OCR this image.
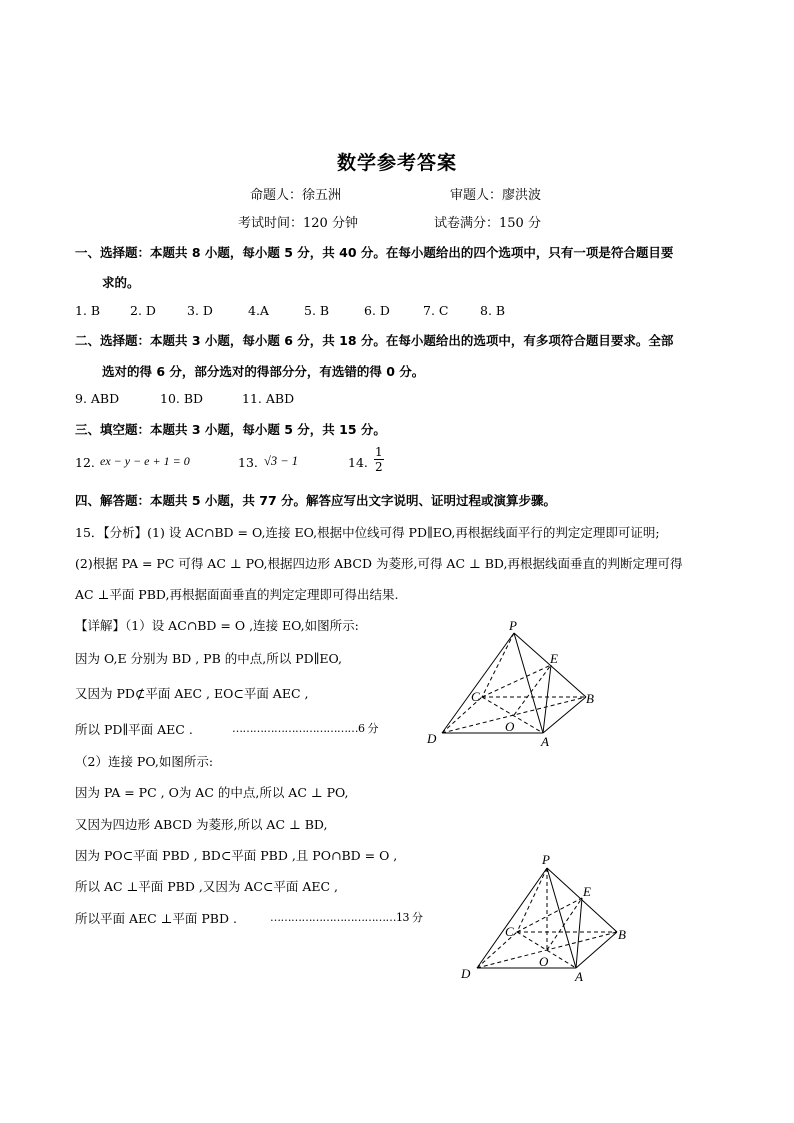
数学参考答案
命题人：徐五洲	审题人：廖洪波
考试时间：120 分钟	试卷满分：150 分
一、选择题：本题共 8 小题，每小题 5 分，共 40 分。在每小题给出的四个选项中，只有一项是符合题目要
求的。
1. B 2. D 3. D	4.A	5. B	6. D	7. C	8. B
二、选择题：本题共 3 小题，每小题 6 分，共 18 分。在每小题给出的选项中，有多项符合题目要求。全部
选对的得 6 分，部分选对的得部分分，有选错的得 0 分。
9. ABD	10. BD	11. ABD
三、填空题：本题共 3 小题，每小题 5 分，共 15 分。
12. ex − y − e + 1 = 0	13. √3 − 1	14. $\frac{1}{2}$
四、解答题：本题共 5 小题，共 77 分。解答应写出文字说明、证明过程或演算步骤。
15．【分析】(1) 设 AC∩BD = O,连接 EO,根据中位线可得 PD∥EO,再根据线面平行的判定定理即可证明;
(2)根据 PA = PC 可得 AC ⊥ PO,根据四边形 ABCD 为菱形,可得 AC ⊥ BD,再根据线面垂直的判断定理可得
AC ⊥平面 PBD,再根据面面垂直的判定定理即可得出结果.
【详解】（1）设 AC∩BD = O ,连接 EO,如图所示:
因为 O,E 分别为 BD , PB 的中点,所以 PD∥EO,
又因为 PD⊄平面 AEC , EO⊂平面 AEC ,
所以 PD∥平面 AEC .	………………………………6 分
（2）连接 PO,如图所示:
因为 PA = PC , O为 AC 的中点,所以 AC ⊥ PO,
又因为四边形 ABCD 为菱形,所以 AC ⊥ BD,
因为 PO⊂平面 PBD , BD⊂平面 PBD ,且 PO∩BD = O ,
所以 AC ⊥平面 PBD ,又因为 AC⊂平面 AEC ,
所以平面 AEC ⊥平面 PBD .	………………………………13 分
P
E
C	B
O
D	A
P
E
C	B
O
D	A
